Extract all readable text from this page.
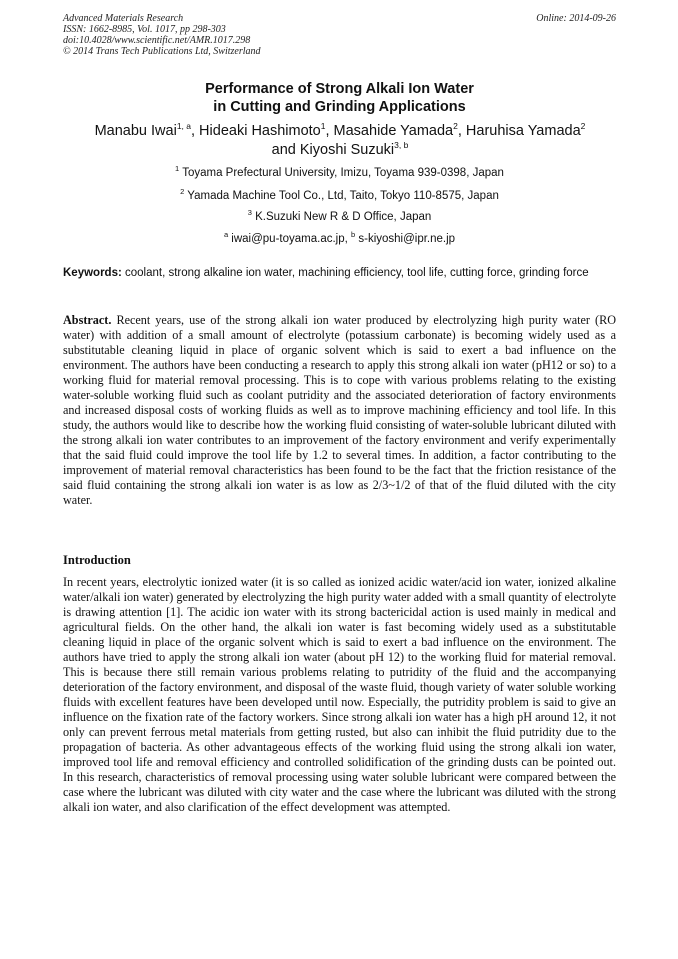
Advanced Materials Research
ISSN: 1662-8985, Vol. 1017, pp 298-303
doi:10.4028/www.scientific.net/AMR.1017.298
© 2014 Trans Tech Publications Ltd, Switzerland
Online: 2014-09-26
Performance of Strong Alkali Ion Water
in Cutting and Grinding Applications
Manabu Iwai$^{1, a}$, Hideaki Hashimoto$^1$, Masahide Yamada$^2$, Haruhisa Yamada$^2$
and Kiyoshi Suzuki$^{3, b}$
$^1$ Toyama Prefectural University, Imizu, Toyama 939-0398, Japan
$^2$ Yamada Machine Tool Co., Ltd, Taito, Tokyo 110-8575, Japan
$^3$ K.Suzuki New R & D Office, Japan
$^a$ iwai@pu-toyama.ac.jp, $^b$ s-kiyoshi@ipr.ne.jp
Keywords: coolant, strong alkaline ion water, machining efficiency, tool life, cutting force, grinding force
Abstract. Recent years, use of the strong alkali ion water produced by electrolyzing high purity water (RO water) with addition of a small amount of electrolyte (potassium carbonate) is becoming widely used as a substitutable cleaning liquid in place of organic solvent which is said to exert a bad influence on the environment. The authors have been conducting a research to apply this strong alkali ion water (pH12 or so) to a working fluid for material removal processing. This is to cope with various problems relating to the existing water-soluble working fluid such as coolant putridity and the associated deterioration of factory environments and increased disposal costs of working fluids as well as to improve machining efficiency and tool life. In this study, the authors would like to describe how the working fluid consisting of water-soluble lubricant diluted with the strong alkali ion water contributes to an improvement of the factory environment and verify experimentally that the said fluid could improve the tool life by 1.2 to several times. In addition, a factor contributing to the improvement of material removal characteristics has been found to be the fact that the friction resistance of the said fluid containing the strong alkali ion water is as low as 2/3~1/2 of that of the fluid diluted with the city water.
Introduction
In recent years, electrolytic ionized water (it is so called as ionized acidic water/acid ion water, ionized alkaline water/alkali ion water) generated by electrolyzing the high purity water added with a small quantity of electrolyte is drawing attention [1]. The acidic ion water with its strong bactericidal action is used mainly in medical and agricultural fields. On the other hand, the alkali ion water is fast becoming widely used as a substitutable cleaning liquid in place of the organic solvent which is said to exert a bad influence on the environment. The authors have tried to apply the strong alkali ion water (about pH 12) to the working fluid for material removal. This is because there still remain various problems relating to putridity of the fluid and the accompanying deterioration of the factory environment, and disposal of the waste fluid, though variety of water soluble working fluids with excellent features have been developed until now. Especially, the putridity problem is said to give an influence on the fixation rate of the factory workers. Since strong alkali ion water has a high pH around 12, it not only can prevent ferrous metal materials from getting rusted, but also can inhibit the fluid putridity due to the propagation of bacteria. As other advantageous effects of the working fluid using the strong alkali ion water, improved tool life and removal efficiency and controlled solidification of the grinding dusts can be pointed out. In this research, characteristics of removal processing using water soluble lubricant were compared between the case where the lubricant was diluted with city water and the case where the lubricant was diluted with the strong alkali ion water, and also clarification of the effect development was attempted.
